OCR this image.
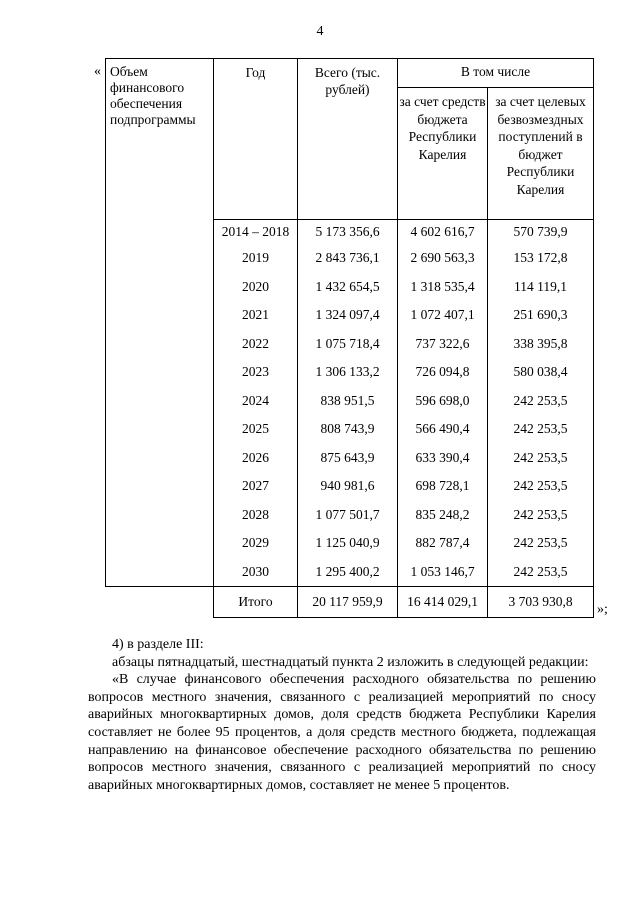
4
« Объем финансового обеспечения подпрограммы	Год	Всего (тыс. рублей)	В том числе	
			за счет средств бюджета Республики Карелия	за счет целевых безвозмездных поступлений в бюджет Республики Карелия

	2014 – 2018	5 173 356,6	4 602 616,7	570 739,9

	2019	2 843 736,1	2 690 563,3	153 172,8

	2020	1 432 654,5	1 318 535,4	114 119,1

	2021	1 324 097,4	1 072 407,1	251 690,3

	2022	1 075 718,4	737 322,6	338 395,8

	2023	1 306 133,2	726 094,8	580 038,4

	2024	838 951,5	596 698,0	242 253,5

	2025	808 743,9	566 490,4	242 253,5

	2026	875 643,9	633 390,4	242 253,5

	2027	940 981,6	698 728,1	242 253,5

	2028	1 077 501,7	835 248,2	242 253,5

	2029	1 125 040,9	882 787,4	242 253,5

	2030	1 295 400,2	1 053 146,7	242 253,5

	Итого	20 117 959,9	16 414 029,1	3 703 930,8
»;

4) в разделе III:

абзацы пятнадцатый, шестнадцатый пункта 2 изложить в следующей редакции:

«В случае финансового обеспечения расходного обязательства по решению вопросов местного значения, связанного с реализацией мероприятий по сносу аварийных многоквартирных домов, доля средств бюджета Республики Карелия составляет не более 95 процентов, а доля средств местного бюджета, подлежащая направлению на финансовое обеспечение расходного обязательства по решению вопросов местного значения, связанного с реализацией мероприятий по сносу аварийных многоквартирных домов, составляет не менее 5 процентов.
